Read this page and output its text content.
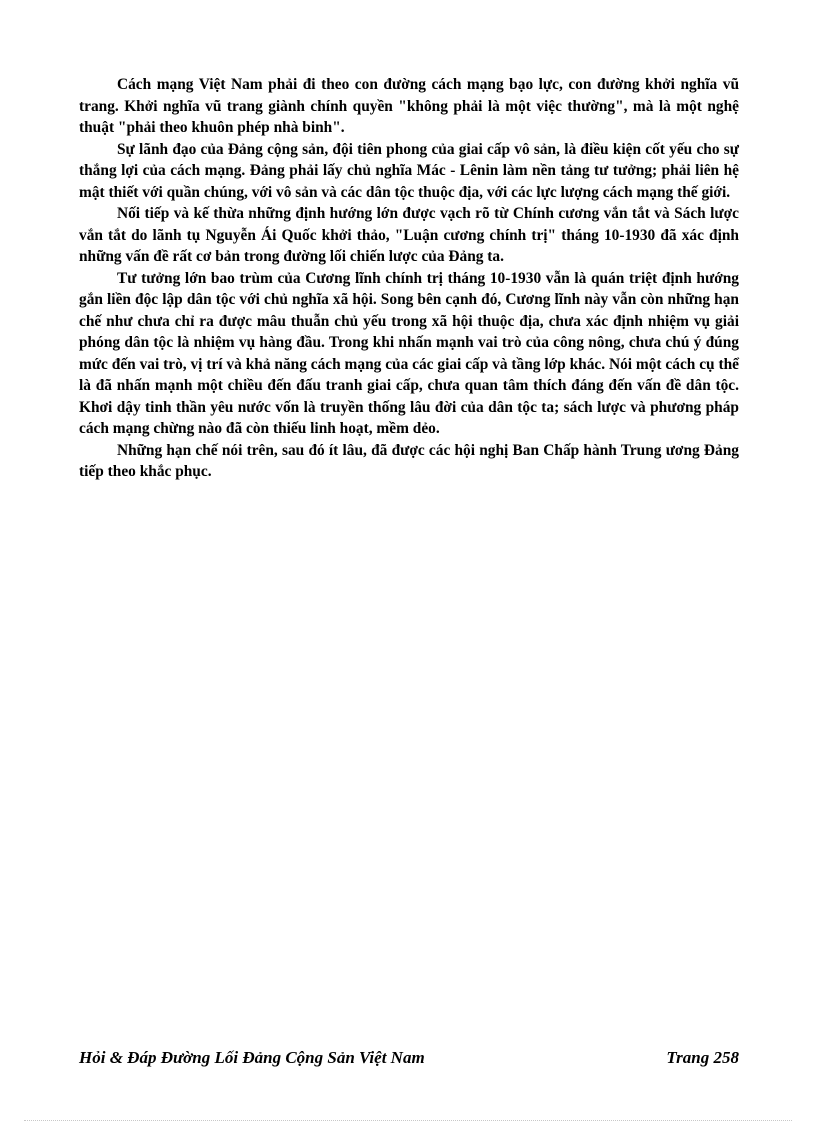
Cách mạng Việt Nam phải đi theo con đường cách mạng bạo lực, con đường khởi nghĩa vũ trang. Khởi nghĩa vũ trang giành chính quyền "không phải là một việc thường", mà là một nghệ thuật "phải theo khuôn phép nhà binh".

Sự lãnh đạo của Đảng cộng sản, đội tiên phong của giai cấp vô sản, là điều kiện cốt yếu cho sự thắng lợi của cách mạng. Đảng phải lấy chủ nghĩa Mác - Lênin làm nền tảng tư tưởng; phải liên hệ mật thiết với quần chúng, với vô sản và các dân tộc thuộc địa, với các lực lượng cách mạng thế giới.

Nối tiếp và kế thừa những định hướng lớn được vạch rõ từ Chính cương vắn tắt và Sách lược vắn tắt do lãnh tụ Nguyễn Ái Quốc khởi thảo, "Luận cương chính trị" tháng 10-1930 đã xác định những vấn đề rất cơ bản trong đường lối chiến lược của Đảng ta.

Tư tưởng lớn bao trùm của Cương lĩnh chính trị tháng 10-1930 vẫn là quán triệt định hướng gắn liền độc lập dân tộc với chủ nghĩa xã hội. Song bên cạnh đó, Cương lĩnh này vẫn còn những hạn chế như chưa chỉ ra được mâu thuẫn chủ yếu trong xã hội thuộc địa, chưa xác định nhiệm vụ giải phóng dân tộc là nhiệm vụ hàng đầu. Trong khi nhấn mạnh vai trò của công nông, chưa chú ý đúng mức đến vai trò, vị trí và khả năng cách mạng của các giai cấp và tầng lớp khác. Nói một cách cụ thể là đã nhấn mạnh một chiều đến đấu tranh giai cấp, chưa quan tâm thích đáng đến vấn đề dân tộc. Khơi dậy tinh thần yêu nước vốn là truyền thống lâu đời của dân tộc ta; sách lược và phương pháp cách mạng chừng nào đã còn thiếu linh hoạt, mềm dẻo.

Những hạn chế nói trên, sau đó ít lâu, đã được các hội nghị Ban Chấp hành Trung ương Đảng tiếp theo khắc phục.

Hỏi & Đáp Đường Lối Đảng Cộng Sản Việt Nam	Trang 258
